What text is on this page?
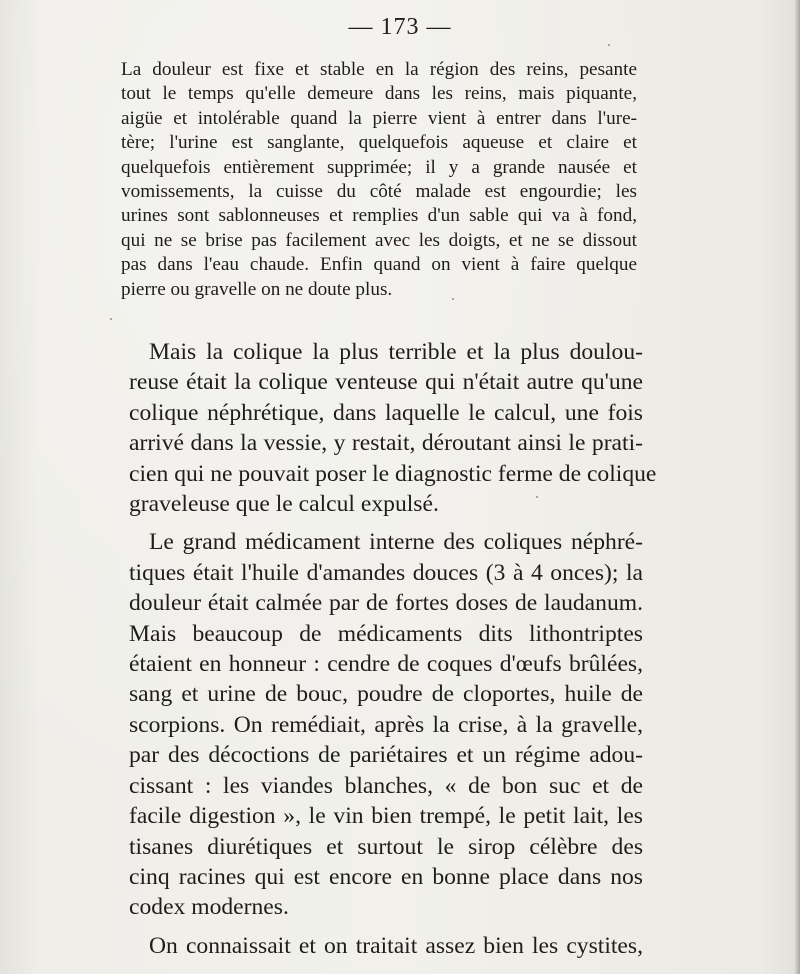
— 173 —
La douleur est fixe et stable en la région des reins, pesante
tout le temps qu'elle demeure dans les reins, mais piquante,
aigüe et intolérable quand la pierre vient à entrer dans l'ure-
tère; l'urine est sanglante, quelquefois aqueuse et claire et
quelquefois entièrement supprimée; il y a grande nausée et
vomissements, la cuisse du côté malade est engourdie; les
urines sont sablonneuses et remplies d'un sable qui va à fond,
qui ne se brise pas facilement avec les doigts, et ne se dissout
pas dans l'eau chaude. Enfin quand on vient à faire quelque
pierre ou gravelle on ne doute plus.
Mais la colique la plus terrible et la plus doulou-
reuse était la colique venteuse qui n'était autre qu'une
colique néphrétique, dans laquelle le calcul, une fois
arrivé dans la vessie, y restait, déroutant ainsi le prati-
cien qui ne pouvait poser le diagnostic ferme de colique
graveleuse que le calcul expulsé.
Le grand médicament interne des coliques néphré-
tiques était l'huile d'amandes douces (3 à 4 onces); la
douleur était calmée par de fortes doses de laudanum.
Mais beaucoup de médicaments dits lithontriptes
étaient en honneur : cendre de coques d'œufs brûlées,
sang et urine de bouc, poudre de cloportes, huile de
scorpions. On remédiait, après la crise, à la gravelle,
par des décoctions de pariétaires et un régime adou-
cissant : les viandes blanches, « de bon suc et de
facile digestion », le vin bien trempé, le petit lait, les
tisanes diurétiques et surtout le sirop célèbre des
cinq racines qui est encore en bonne place dans nos
codex modernes.
On connaissait et on traitait assez bien les cystites,
